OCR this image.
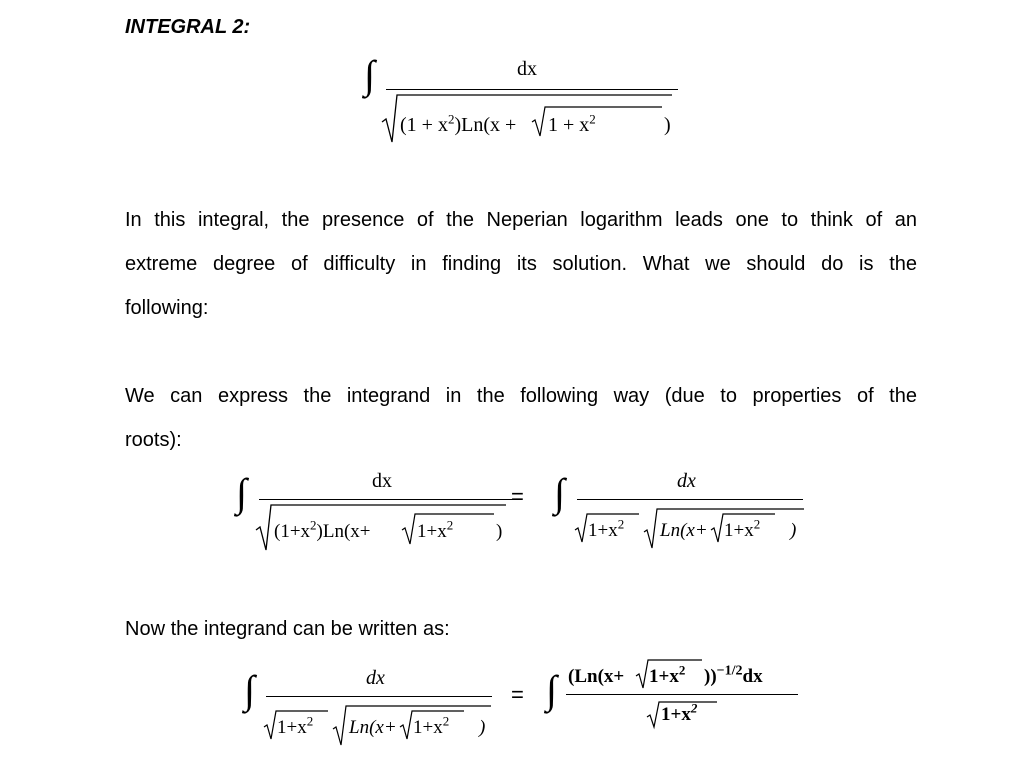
INTEGRAL 2:
∫	dx
$(1 + x^2)Ln(x + 1 + x^2$	)
In this integral, the presence of the Neperian logarithm leads one to think of an
extreme degree of difficulty in finding its solution. What we should do is the
following:
We can express the integrand in the following way (due to properties of the
roots):
∫	dx
$(1+x^2)Ln(x+ 1+x^2$ )
= ∫	dx
$1+x^2$ $Ln(x+ 1+x^2$ )
Now the integrand can be written as:
∫	dx
$1+x^2$ $Ln(x+ 1+x^2$ )
= ∫ ($Ln(x+ 1+x^2$ ))$^{-1/2}$dx
$1+x^2$
